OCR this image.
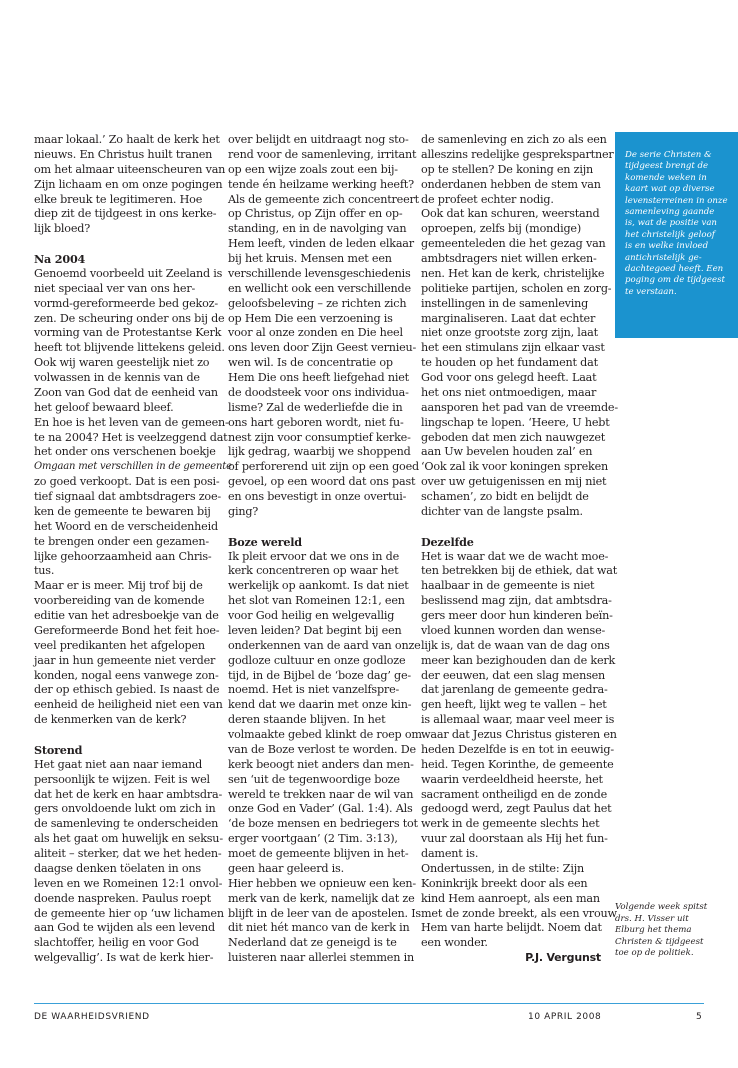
maar lokaal.’ Zo haalt de kerk het
nieuws. En Christus huilt tranen
om het almaar uiteenscheuren van
Zijn lichaam en om onze pogingen
elke breuk te legitimeren. Hoe
diep zit de tijdgeest in ons kerke-
lijk bloed?

Na 2004

Genoemd voorbeeld uit Zeeland is
niet speciaal ver van ons her-
vormd-gereformeerde bed gekoz-
zen. De scheuring onder ons bij de
vorming van de Protestantse Kerk
heeft tot blijvende littekens geleid.
Ook wij waren geestelijk niet zo
volwassen in de kennis van de
Zoon van God dat de eenheid van
het geloof bewaard bleef.

En hoe is het leven van de gemeen-
te na 2004? Het is veelzeggend dat
het onder ons verschenen boekje
Omgaan met verschillen in de gemeente
zo goed verkoopt. Dat is een posi-
tief signaal dat ambtsdragers zoe-
ken de gemeente te bewaren bij
het Woord en de verscheidenheid
te brengen onder een gezamen-
lijke gehoorzaamheid aan Chris-
tus.

Maar er is meer. Mij trof bij de
voorbereiding van de komende
editie van het adresboekje van de
Gereformeerde Bond het feit hoe-
veel predikanten het afgelopen
jaar in hun gemeente niet verder
konden, nogal eens vanwege zon-
der op ethisch gebied. Is naast de
eenheid de heiligheid niet een van
de kenmerken van de kerk?

Storend

Het gaat niet aan naar iemand
persoonlijk te wijzen. Feit is wel
dat het de kerk en haar ambtsdra-
gers onvoldoende lukt om zich in
de samenleving te onderscheiden
als het gaat om huwelijk en seksu-
aliteit – sterker, dat we het heden-
daagse denken töelaten in ons
leven en we Romeinen 12:1 onvol-
doende naspreken. Paulus roept
de gemeente hier op ‘uw lichamen
aan God te wijden als een levend
slachtoffer, heilig en voor God
welgevallig’. Is wat de kerk hier-

over belijdt en uitdraagt nog sto-
rend voor de samenleving, irritant
op een wijze zoals zout een bij-
tende én heilzame werking heeft?
Als de gemeente zich concentreert
op Christus, op Zijn offer en op-
standing, en in de navolging van
Hem leeft, vinden de leden elkaar
bij het kruis. Mensen met een
verschillende levensgeschiedenis
en wellicht ook een verschillende
geloofsbeleving – ze richten zich
op Hem Die een verzoening is
voor al onze zonden en Die heel
ons leven door Zijn Geest vernieu-
wen wil. Is de concentratie op
Hem Die ons heeft liefgehad niet
de doodsteek voor ons individua-
lisme? Zal de wederliefde die in
ons hart geboren wordt, niet fu-
nest zijn voor consumptief kerke-
lijk gedrag, waarbij we shoppend
of perforerend uit zijn op een goed
gevoel, op een woord dat ons past
en ons bevestigt in onze overtui-
ging?

Boze wereld

Ik pleit ervoor dat we ons in de
kerk concentreren op waar het
werkelijk op aankomt. Is dat niet
het slot van Romeinen 12:1, een
voor God heilig en welgevallig
leven leiden? Dat begint bij een
onderkennen van de aard van onze
godloze cultuur en onze godloze
tijd, in de Bijbel de ‘boze dag’ ge-
noemd. Het is niet vanzelfspre-
kend dat we daarin met onze kin-
deren staande blijven. In het
volmaakte gebed klinkt de roep om
van de Boze verlost te worden. De
kerk beoogt niet anders dan men-
sen ‘uit de tegenwoordige boze
wereld te trekken naar de wil van
onze God en Vader’ (Gal. 1:4). Als
‘de boze mensen en bedriegers tot
erger voortgaan’ (2 Tim. 3:13),
moet de gemeente blijven in het-
geen haar geleerd is.

Hier hebben we opnieuw een ken-
merk van de kerk, namelijk dat ze
blijft in de leer van de apostelen. Is
dit niet hét manco van de kerk in
Nederland dat ze geneigd is te
luisteren naar allerlei stemmen in

de samenleving en zich zo als een
alleszins redelijke gesprekspartner
op te stellen? De koning en zijn
onderdanen hebben de stem van
de profeet echter nodig.

Ook dat kan schuren, weerstand
oproepen, zelfs bij (mondige)
gemeenteleden die het gezag van
ambtsdragers niet willen erken-
nen. Het kan de kerk, christelijke
politieke partijen, scholen en zorg-
instellingen in de samenleving
marginaliseren. Laat dat echter
niet onze grootste zorg zijn, laat
het een stimulans zijn elkaar vast
te houden op het fundament dat
God voor ons gelegd heeft. Laat
het ons niet ontmoedigen, maar
aansporen het pad van de vreemde-
lingschap te lopen. ‘Heere, U hebt
geboden dat men zich nauwgezet
aan Uw bevelen houden zal’ en
‘Ook zal ik voor koningen spreken
over uw getuigenissen en mij niet
schamen’, zo bidt en belijdt de
dichter van de langste psalm.

Dezelfde

Het is waar dat we de wacht moe-
ten betrekken bij de ethiek, dat wat
haalbaar in de gemeente is niet
beslissend mag zijn, dat ambtsdra-
gers meer door hun kinderen beïn-
vloed kunnen worden dan wense-
lijk is, dat de waan van de dag ons
meer kan bezighouden dan de kerk
der eeuwen, dat een slag mensen
dat jarenlang de gemeente gedra-
gen heeft, lijkt weg te vallen – het
is allemaal waar, maar veel meer is
waar dat Jezus Christus gisteren en
heden Dezelfde is en tot in eeuwig-
heid. Tegen Korinthe, de gemeente
waarin verdeeldheid heerste, het
sacrament ontheiligd en de zonde
gedoogd werd, zegt Paulus dat het
werk in de gemeente slechts het
vuur zal doorstaan als Hij het fun-
dament is.

Ondertussen, in de stilte: Zijn
Koninkrijk breekt door als een
kind Hem aanroept, als een man
met de zonde breekt, als een vrouw
Hem van harte belijdt. Noem dat
een wonder.

P.J. Vergunst
De serie Christen &
tijdgeest brengt de
komende weken in
kaart wat op diverse
levensterreinen in onze
samenleving gaande
is, wat de positie van
het christelijk geloof
is en welke invloed
antichristelijk ge-
dachtegoed heeft. Een
poging om de tijdgeest
te verstaan.
Volgende week spitst
drs. H. Visser uit
Elburg het thema
Christen & tijdgeest
toe op de politiek.
DE WAARHEIDSVRIEND	10 APRIL 2008	5
